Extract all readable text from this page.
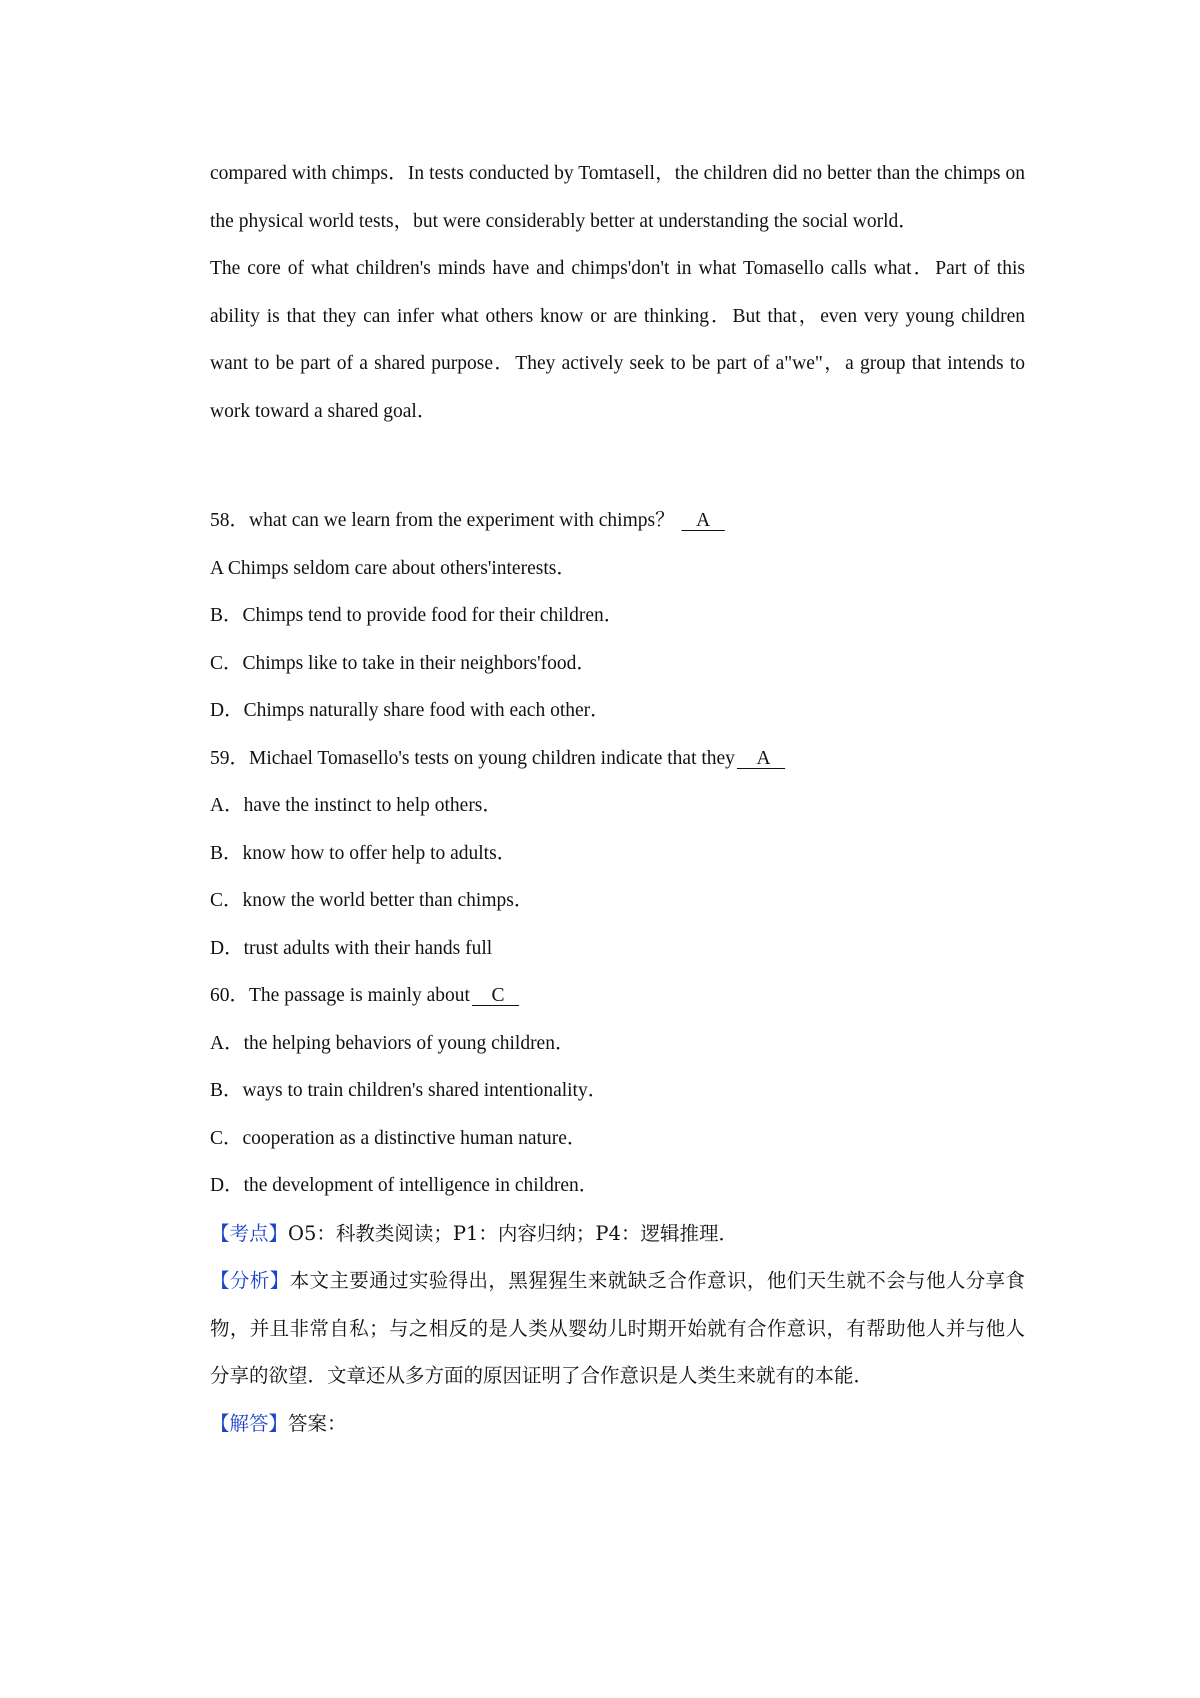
compared with chimps．In tests conducted by Tomtasell，the children did no better than the chimps on the physical world tests，but were considerably better at understanding the social world．

The core of what children's minds have and chimps'don't in what Tomasello calls what．Part of this ability is that they can infer what others know or are thinking．But that，even very young children want to be part of a shared purpose．They actively seek to be part of a"we"，a group that intends to work toward a shared goal．

58．what can we learn from the experiment with chimps？ A
A Chimps seldom care about others'interests．
B．Chimps tend to provide food for their children．
C．Chimps like to take in their neighbors'food．
D．Chimps naturally share food with each other．
59．Michael Tomasello's tests on young children indicate that they A
A．have the instinct to help others．
B．know how to offer help to adults．
C．know the world better than chimps．
D．trust adults with their hands full
60．The passage is mainly about C
A．the helping behaviors of young children．
B．ways to train children's shared intentionality．
C．cooperation as a distinctive human nature．
D．the development of intelligence in children．

【考点】O5：科教类阅读；P1：内容归纳；P4：逻辑推理．

【分析】本文主要通过实验得出，黑猩猩生来就缺乏合作意识，他们天生就不会与他人分享食物，并且非常自私；与之相反的是人类从婴幼儿时期开始就有合作意识，有帮助他人并与他人分享的欲望．文章还从多方面的原因证明了合作意识是人类生来就有的本能．

【解答】答案：
